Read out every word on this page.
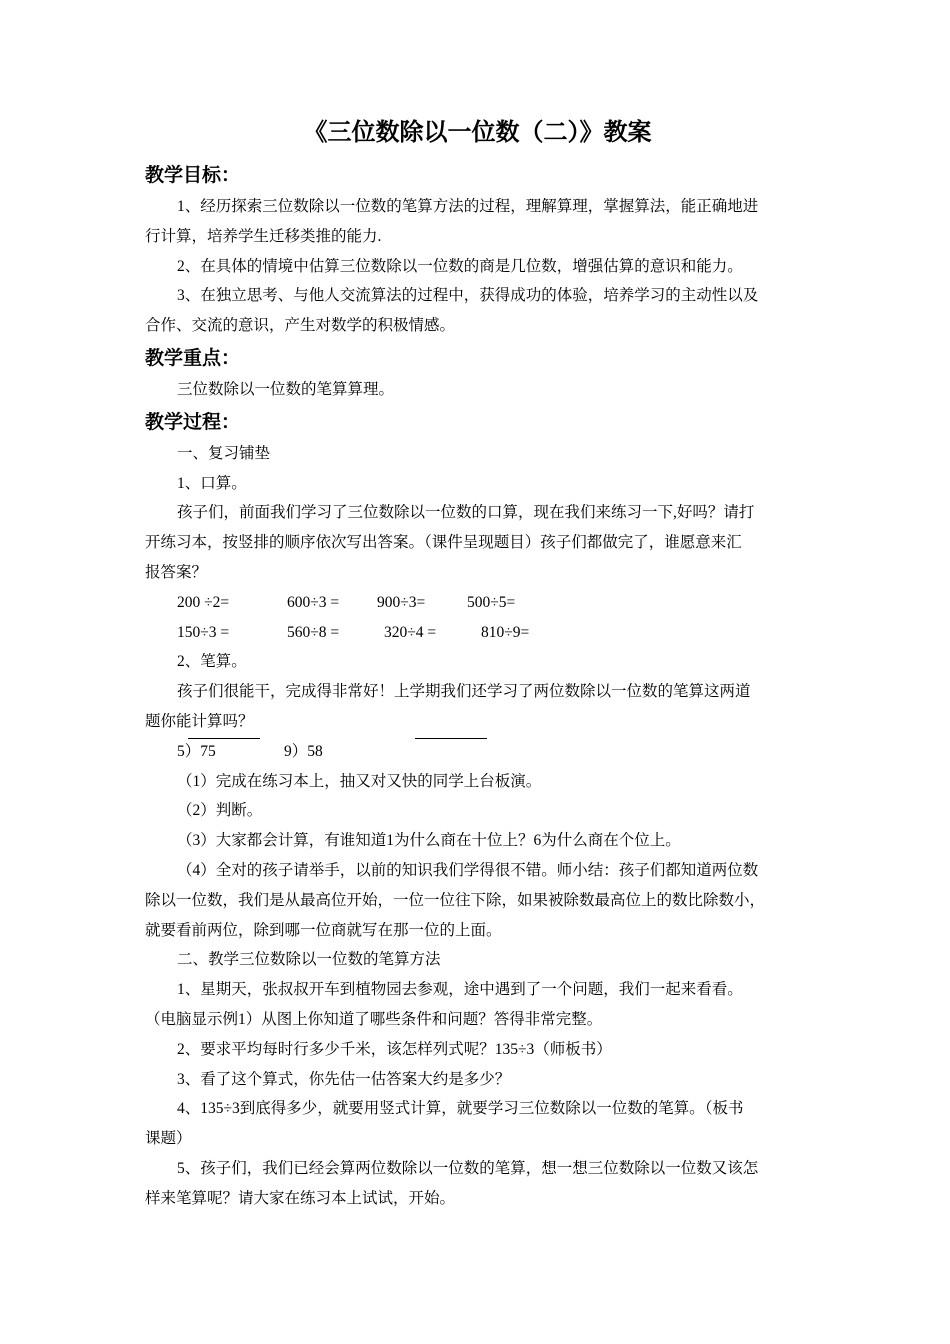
《三位数除以一位数（二）》教案
教学目标：
1、经历探索三位数除以一位数的笔算方法的过程，理解算理，掌握算法，能正确地进
行计算，培养学生迁移类推的能力.
2、在具体的情境中估算三位数除以一位数的商是几位数，增强估算的意识和能力。
3、在独立思考、与他人交流算法的过程中，获得成功的体验，培养学习的主动性以及
合作、交流的意识，产生对数学的积极情感。
教学重点：
三位数除以一位数的笔算算理。
教学过程：
一、复习铺垫
1、口算。
孩子们，前面我们学习了三位数除以一位数的口算，现在我们来练习一下,好吗？请打
开练习本，按竖排的顺序依次写出答案。（课件呈现题目）孩子们都做完了，谁愿意来汇
报答案？
200 ÷2=	600÷3 = 900÷3=	500÷5=
150÷3 =	560÷8 =	320÷4 =	810÷9=
2、笔算。
孩子们很能干，完成得非常好！上学期我们还学习了两位数除以一位数的笔算这两道
题你能计算吗？
5）75	9）58
（1）完成在练习本上，抽又对又快的同学上台板演。
（2）判断。
（3）大家都会计算，有谁知道1为什么商在十位上？6为什么商在个位上。
（4）全对的孩子请举手，以前的知识我们学得很不错。师小结：孩子们都知道两位数
除以一位数，我们是从最高位开始，一位一位往下除，如果被除数最高位上的数比除数小，
就要看前两位，除到哪一位商就写在那一位的上面。
二、教学三位数除以一位数的笔算方法
1、星期天，张叔叔开车到植物园去参观，途中遇到了一个问题，我们一起来看看。
（电脑显示例1）从图上你知道了哪些条件和问题？答得非常完整。
2、要求平均每时行多少千米，该怎样列式呢？135÷3（师板书）
3、看了这个算式，你先估一估答案大约是多少？
4、135÷3到底得多少，就要用竖式计算，就要学习三位数除以一位数的笔算。（板书
课题）
5、孩子们，我们已经会算两位数除以一位数的笔算，想一想三位数除以一位数又该怎
样来笔算呢？请大家在练习本上试试，开始。
